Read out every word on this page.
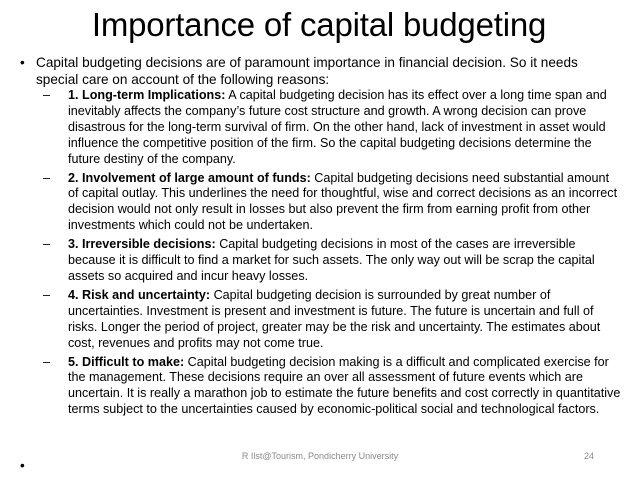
Importance of capital budgeting
• Capital budgeting decisions are of paramount importance in financial decision. So it needs special care on account of the following reasons:
– 1. Long-term Implications: A capital budgeting decision has its effect over a long time span and inevitably affects the company’s future cost structure and growth. A wrong decision can prove disastrous for the long-term survival of firm. On the other hand, lack of investment in asset would influence the competitive position of the firm. So the capital budgeting decisions determine the future destiny of the company.
– 2. Involvement of large amount of funds: Capital budgeting decisions need substantial amount of capital outlay. This underlines the need for thoughtful, wise and correct decisions as an incorrect decision would not only result in losses but also prevent the firm from earning profit from other investments which could not be undertaken.
– 3. Irreversible decisions: Capital budgeting decisions in most of the cases are irreversible because it is difficult to find a market for such assets. The only way out will be scrap the capital assets so acquired and incur heavy losses.
– 4. Risk and uncertainty: Capital budgeting decision is surrounded by great number of uncertainties. Investment is present and investment is future. The future is uncertain and full of risks. Longer the period of project, greater may be the risk and uncertainty. The estimates about cost, revenues and profits may not come true.
– 5. Difficult to make: Capital budgeting decision making is a difficult and complicated exercise for the management. These decisions require an over all assessment of future events which are uncertain. It is really a marathon job to estimate the future benefits and cost correctly in quantitative terms subject to the uncertainties caused by economic-political social and technological factors.
•
R Ilst@Tourism, Pondicherry University	24
